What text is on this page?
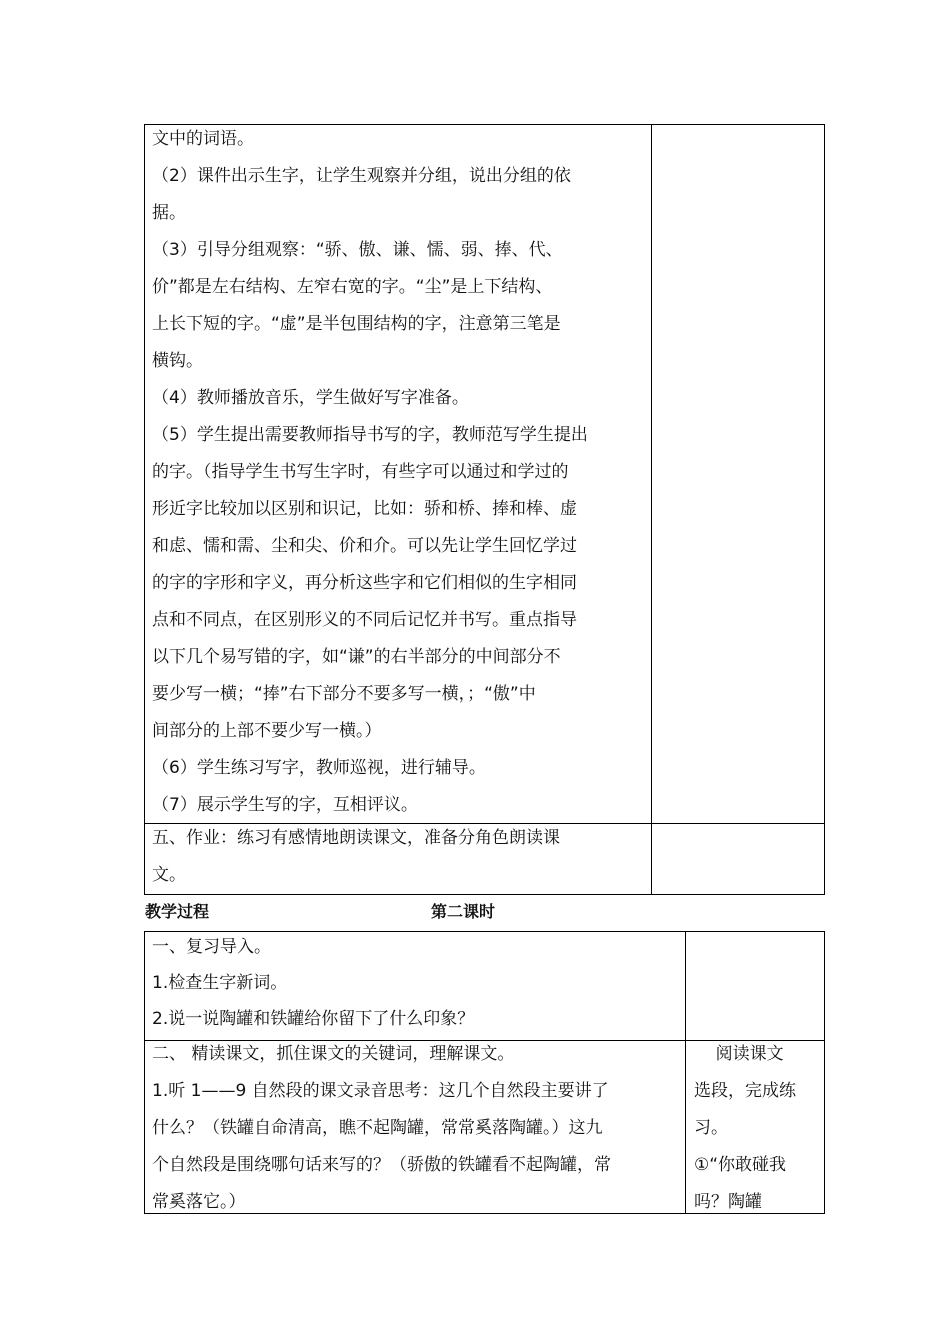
文中的词语。

（2）课件出示生字，让学生观察并分组，说出分组的依

据。

（3）引导分组观察：“骄、傲、谦、懦、弱、捧、代、

价”都是左右结构、左窄右宽的字。“尘”是上下结构、

上长下短的字。“虚”是半包围结构的字，注意第三笔是

横钩。

（4）教师播放音乐，学生做好写字准备。

（5）学生提出需要教师指导书写的字，教师范写学生提出

的字。（指导学生书写生字时，有些字可以通过和学过的

形近字比较加以区别和识记，比如：骄和桥、捧和棒、虚

和虑、懦和需、尘和尖、价和介。可以先让学生回忆学过

的字的字形和字义，再分析这些字和它们相似的生字相同

点和不同点，在区别形义的不同后记忆并书写。重点指导

以下几个易写错的字，如“谦”的右半部分的中间部分不

要少写一横；“捧”右下部分不要多写一横，；“傲”中

间部分的上部不要少写一横。）

（6）学生练习写字，教师巡视，进行辅导。

（7）展示学生写的字，互相评议。

五、作业：练习有感情地朗读课文，准备分角色朗读课

文。

教学过程	第二课时

一、复习导入。

1.检查生字新词。

2.说一说陶罐和铁罐给你留下了什么印象？

二、 精读课文，抓住课文的关键词，理解课文。

1.听 1——9 自然段的课文录音思考：这几个自然段主要讲了

什么？（铁罐自命清高，瞧不起陶罐，常常奚落陶罐。）这九

个自然段是围绕哪句话来写的？（骄傲的铁罐看不起陶罐，常

常奚落它。）

阅读课文

选段，完成练

习。

①“你敢碰我

吗？陶罐
